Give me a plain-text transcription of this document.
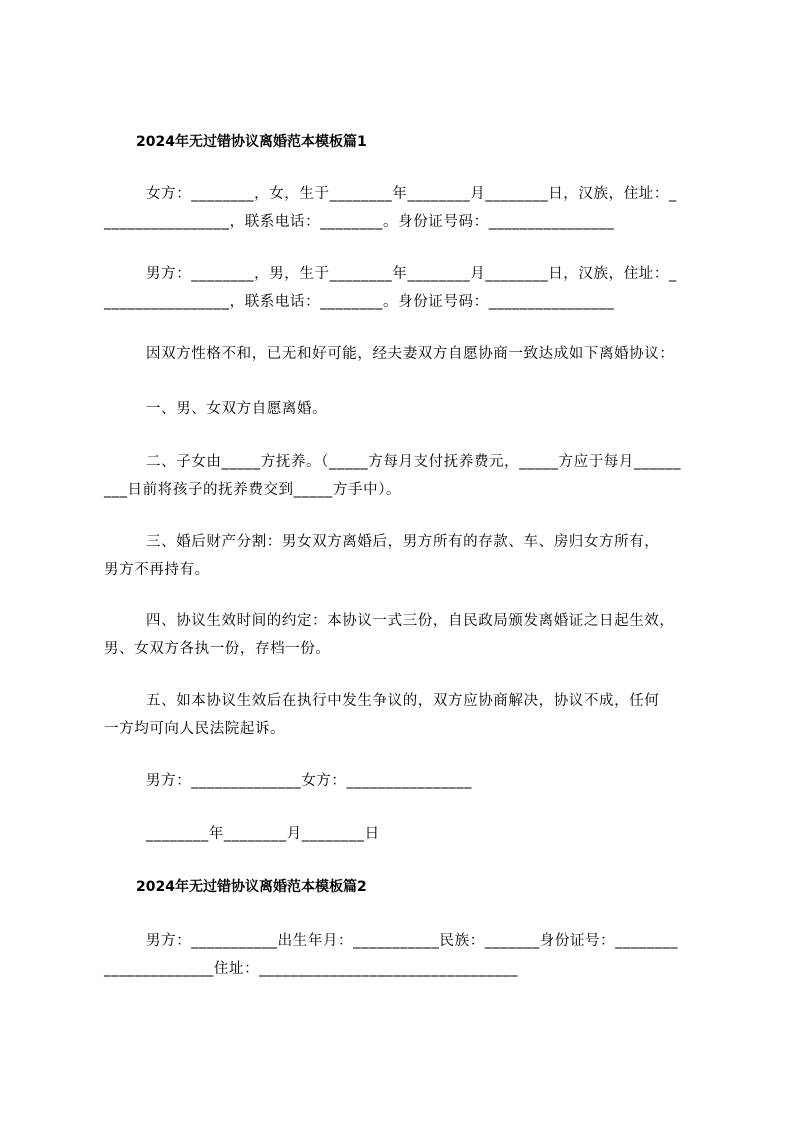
2024年无过错协议离婚范本模板篇1
女方：________，女，生于________年________月________日，汉族，住址：_
________________，联系电话：________。身份证号码：________________
男方：________，男，生于________年________月________日，汉族，住址：_
________________，联系电话：________。身份证号码：________________
因双方性格不和，已无和好可能，经夫妻双方自愿协商一致达成如下离婚协议：
一、男、女双方自愿离婚。
二、子女由_____方抚养。（_____方每月支付抚养费元，_____方应于每月______
___日前将孩子的抚养费交到_____方手中）。
三、婚后财产分割：男女双方离婚后，男方所有的存款、车、房归女方所有，
男方不再持有。
四、协议生效时间的约定：本协议一式三份，自民政局颁发离婚证之日起生效，
男、女双方各执一份，存档一份。
五、如本协议生效后在执行中发生争议的，双方应协商解决，协议不成，任何
一方均可向人民法院起诉。
男方：______________女方：________________
________年________月________日
2024年无过错协议离婚范本模板篇2
男方：___________出生年月：___________民族：_______身份证号：________
______________住址：_________________________________
